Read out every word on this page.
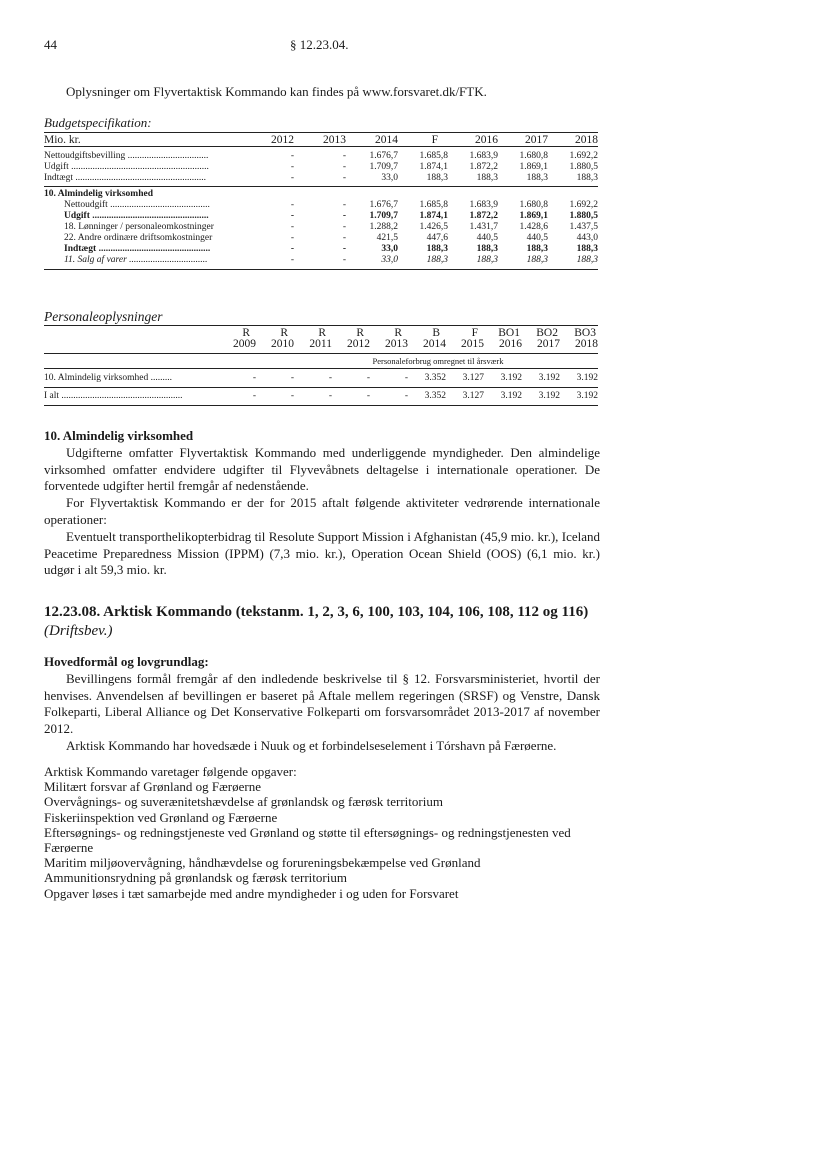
44	§ 12.23.04.
Oplysninger om Flyvertaktisk Kommando kan findes på www.forsvaret.dk/FTK.
Budgetspecifikation:
Mio. kr.	2012	2013	2014	F	2016	2017	2018

Nettoudgiftsbevilling ..................................	-	-	1.676,7	1.685,8	1.683,9	1.680,8	1.692,2
Udgift ..........................................................	-	-	1.709,7	1.874,1	1.872,2	1.869,1	1.880,5
Indtægt .......................................................	-	-	33,0	188,3	188,3	188,3	188,3

10. Almindelig virksomhed							
Nettoudgift ..........................................	-	-	1.676,7	1.685,8	1.683,9	1.680,8	1.692,2
Udgift .................................................	-	-	1.709,7	1.874,1	1.872,2	1.869,1	1.880,5
18. Lønninger / personaleomkostninger	-	-	1.288,2	1.426,5	1.431,7	1.428,6	1.437,5
22. Andre ordinære driftsomkostninger	-	-	421,5	447,6	440,5	440,5	443,0
Indtægt ...............................................	-	-	33,0	188,3	188,3	188,3	188,3
11. Salg af varer .................................	-	-	33,0	188,3	188,3	188,3	188,3

Personaleoplysninger
	R	R	R	R	R	B	F	BO1	BO2	BO3
	2009	2010	2011	2012	2013	2014	2015	2016	2017	2018

	Personaleforbrug omregnet til årsværk									

10. Almindelig virksomhed .........	-	-	-	-	-	3.352	3.127	3.192	3.192	3.192

I alt ...................................................	-	-	-	-	-	3.352	3.127	3.192	3.192	3.192

10. Almindelig virksomhed

Udgifterne omfatter Flyvertaktisk Kommando med underliggende myndigheder. Den almindelige virksomhed omfatter endvidere udgifter til Flyvevåbnets deltagelse i internationale operationer. De forventede udgifter hertil fremgår af nedenstående.

For Flyvertaktisk Kommando er der for 2015 aftalt følgende aktiviteter vedrørende internationale operationer:

Eventuelt transporthelikopterbidrag til Resolute Support Mission i Afghanistan (45,9 mio. kr.), Iceland Peacetime Preparedness Mission (IPPM) (7,3 mio. kr.), Operation Ocean Shield (OOS) (6,1 mio. kr.) udgør i alt 59,3 mio. kr.

12.23.08. Arktisk Kommando (tekstanm. 1, 2, 3, 6, 100, 103, 104, 106, 108, 112 og 116) (Driftsbev.)

Hovedformål og lovgrundlag:

Bevillingens formål fremgår af den indledende beskrivelse til § 12. Forsvarsministeriet, hvortil der henvises. Anvendelsen af bevillingen er baseret på Aftale mellem regeringen (SRSF) og Venstre, Dansk Folkeparti, Liberal Alliance og Det Konservative Folkeparti om forsvarsområdet 2013-2017 af november 2012.

Arktisk Kommando har hovedsæde i Nuuk og et forbindelseselement i Tórshavn på Færøerne.

Arktisk Kommando varetager følgende opgaver:
Militært forsvar af Grønland og Færøerne
Overvågnings- og suverænitetshævdelse af grønlandsk og færøsk territorium
Fiskeriinspektion ved Grønland og Færøerne
Eftersøgnings- og redningstjeneste ved Grønland og støtte til eftersøgnings- og redningstjenesten ved Færøerne
Maritim miljøovervågning, håndhævdelse og forureningsbekæmpelse ved Grønland
Ammunitionsrydning på grønlandsk og færøsk territorium
Opgaver løses i tæt samarbejde med andre myndigheder i og uden for Forsvaret
